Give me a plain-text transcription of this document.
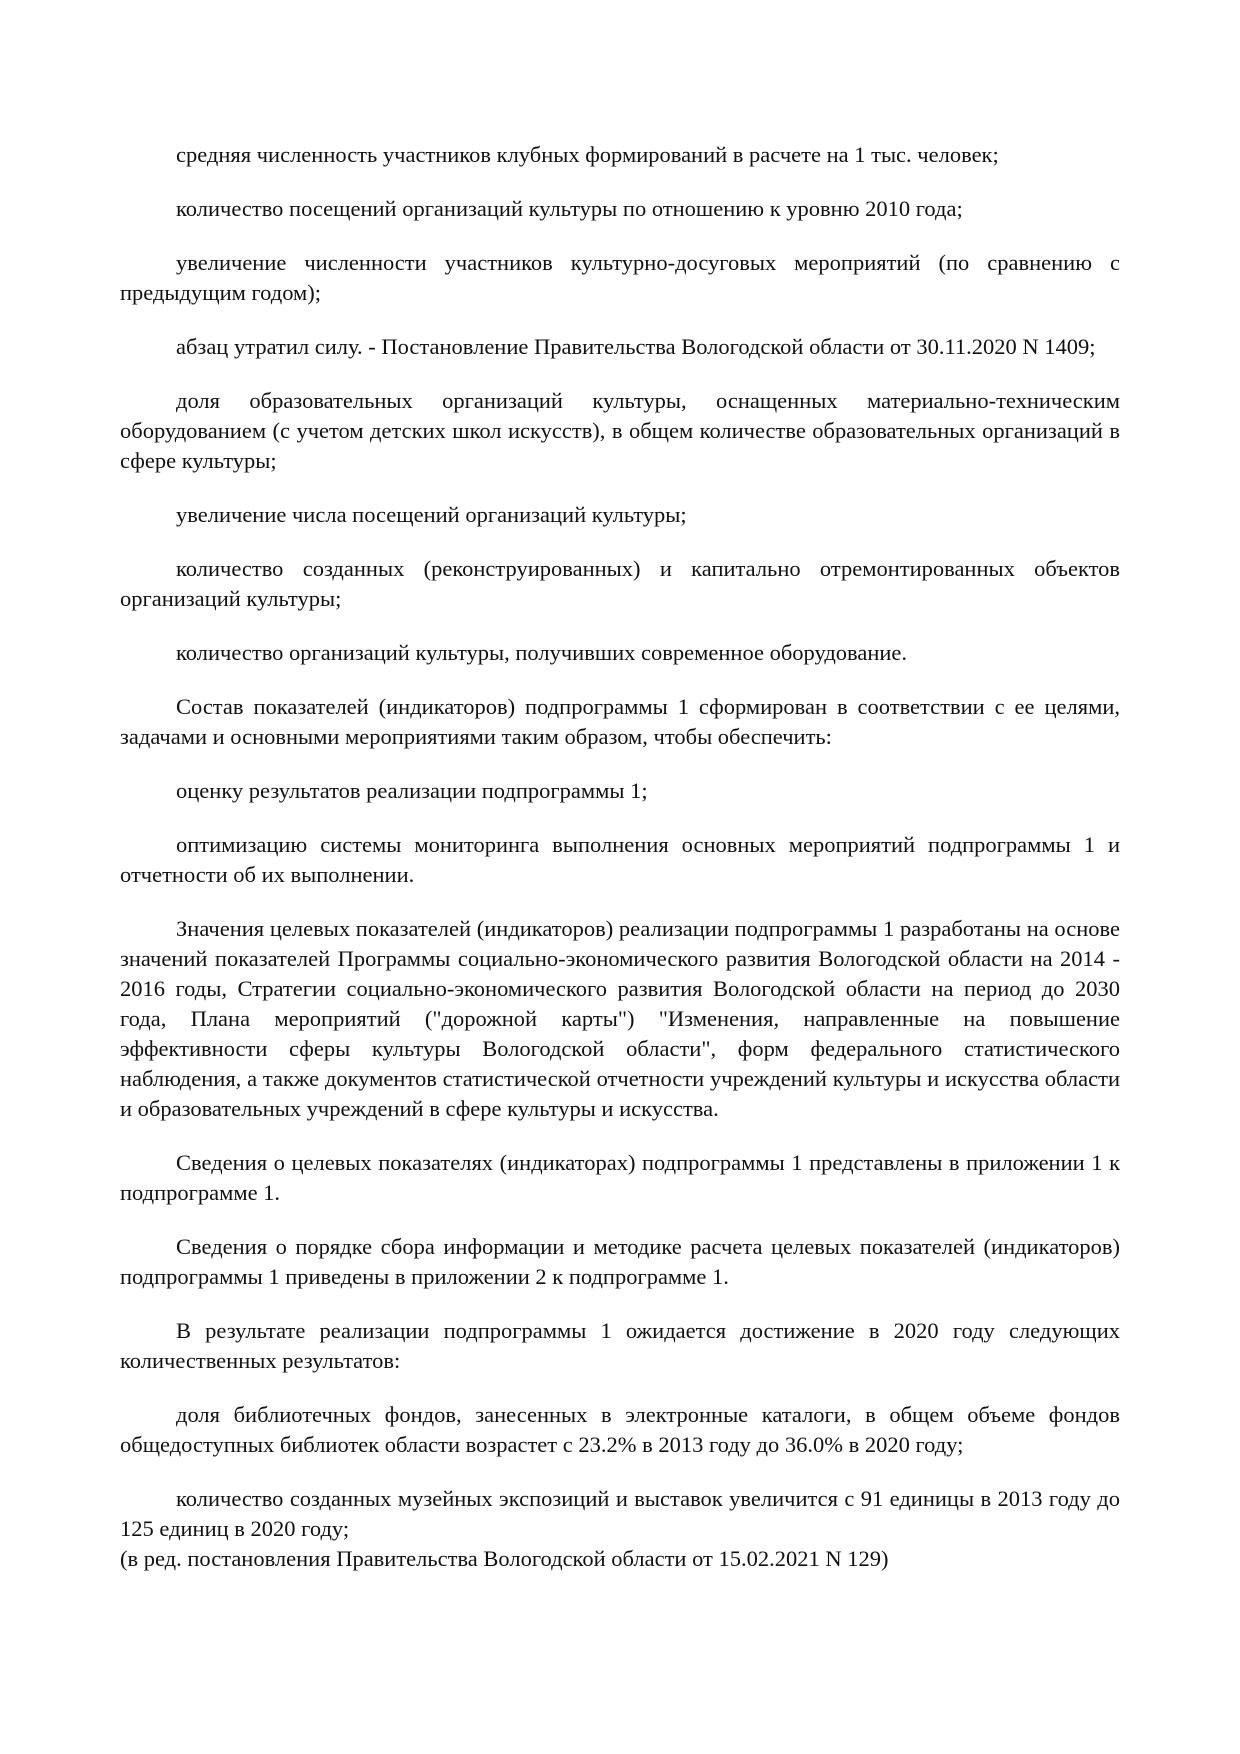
средняя численность участников клубных формирований в расчете на 1 тыс. человек;

количество посещений организаций культуры по отношению к уровню 2010 года;

увеличение численности участников культурно-досуговых мероприятий (по сравнению с предыдущим годом);

абзац утратил силу. - Постановление Правительства Вологодской области от 30.11.2020 N 1409;

доля образовательных организаций культуры, оснащенных материально-техническим оборудованием (с учетом детских школ искусств), в общем количестве образовательных организаций в сфере культуры;

увеличение числа посещений организаций культуры;

количество созданных (реконструированных) и капитально отремонтированных объектов организаций культуры;

количество организаций культуры, получивших современное оборудование.

Состав показателей (индикаторов) подпрограммы 1 сформирован в соответствии с ее целями, задачами и основными мероприятиями таким образом, чтобы обеспечить:

оценку результатов реализации подпрограммы 1;

оптимизацию системы мониторинга выполнения основных мероприятий подпрограммы 1 и отчетности об их выполнении.

Значения целевых показателей (индикаторов) реализации подпрограммы 1 разработаны на основе значений показателей Программы социально-экономического развития Вологодской области на 2014 - 2016 годы, Стратегии социально-экономического развития Вологодской области на период до 2030 года, Плана мероприятий ("дорожной карты") "Изменения, направленные на повышение эффективности сферы культуры Вологодской области", форм федерального статистического наблюдения, а также документов статистической отчетности учреждений культуры и искусства области и образовательных учреждений в сфере культуры и искусства.

Сведения о целевых показателях (индикаторах) подпрограммы 1 представлены в приложении 1 к подпрограмме 1.

Сведения о порядке сбора информации и методике расчета целевых показателей (индикаторов) подпрограммы 1 приведены в приложении 2 к подпрограмме 1.

В результате реализации подпрограммы 1 ожидается достижение в 2020 году следующих количественных результатов:

доля библиотечных фондов, занесенных в электронные каталоги, в общем объеме фондов общедоступных библиотек области возрастет с 23.2% в 2013 году до 36.0% в 2020 году;

количество созданных музейных экспозиций и выставок увеличится с 91 единицы в 2013 году до 125 единиц в 2020 году;

(в ред. постановления Правительства Вологодской области от 15.02.2021 N 129)
